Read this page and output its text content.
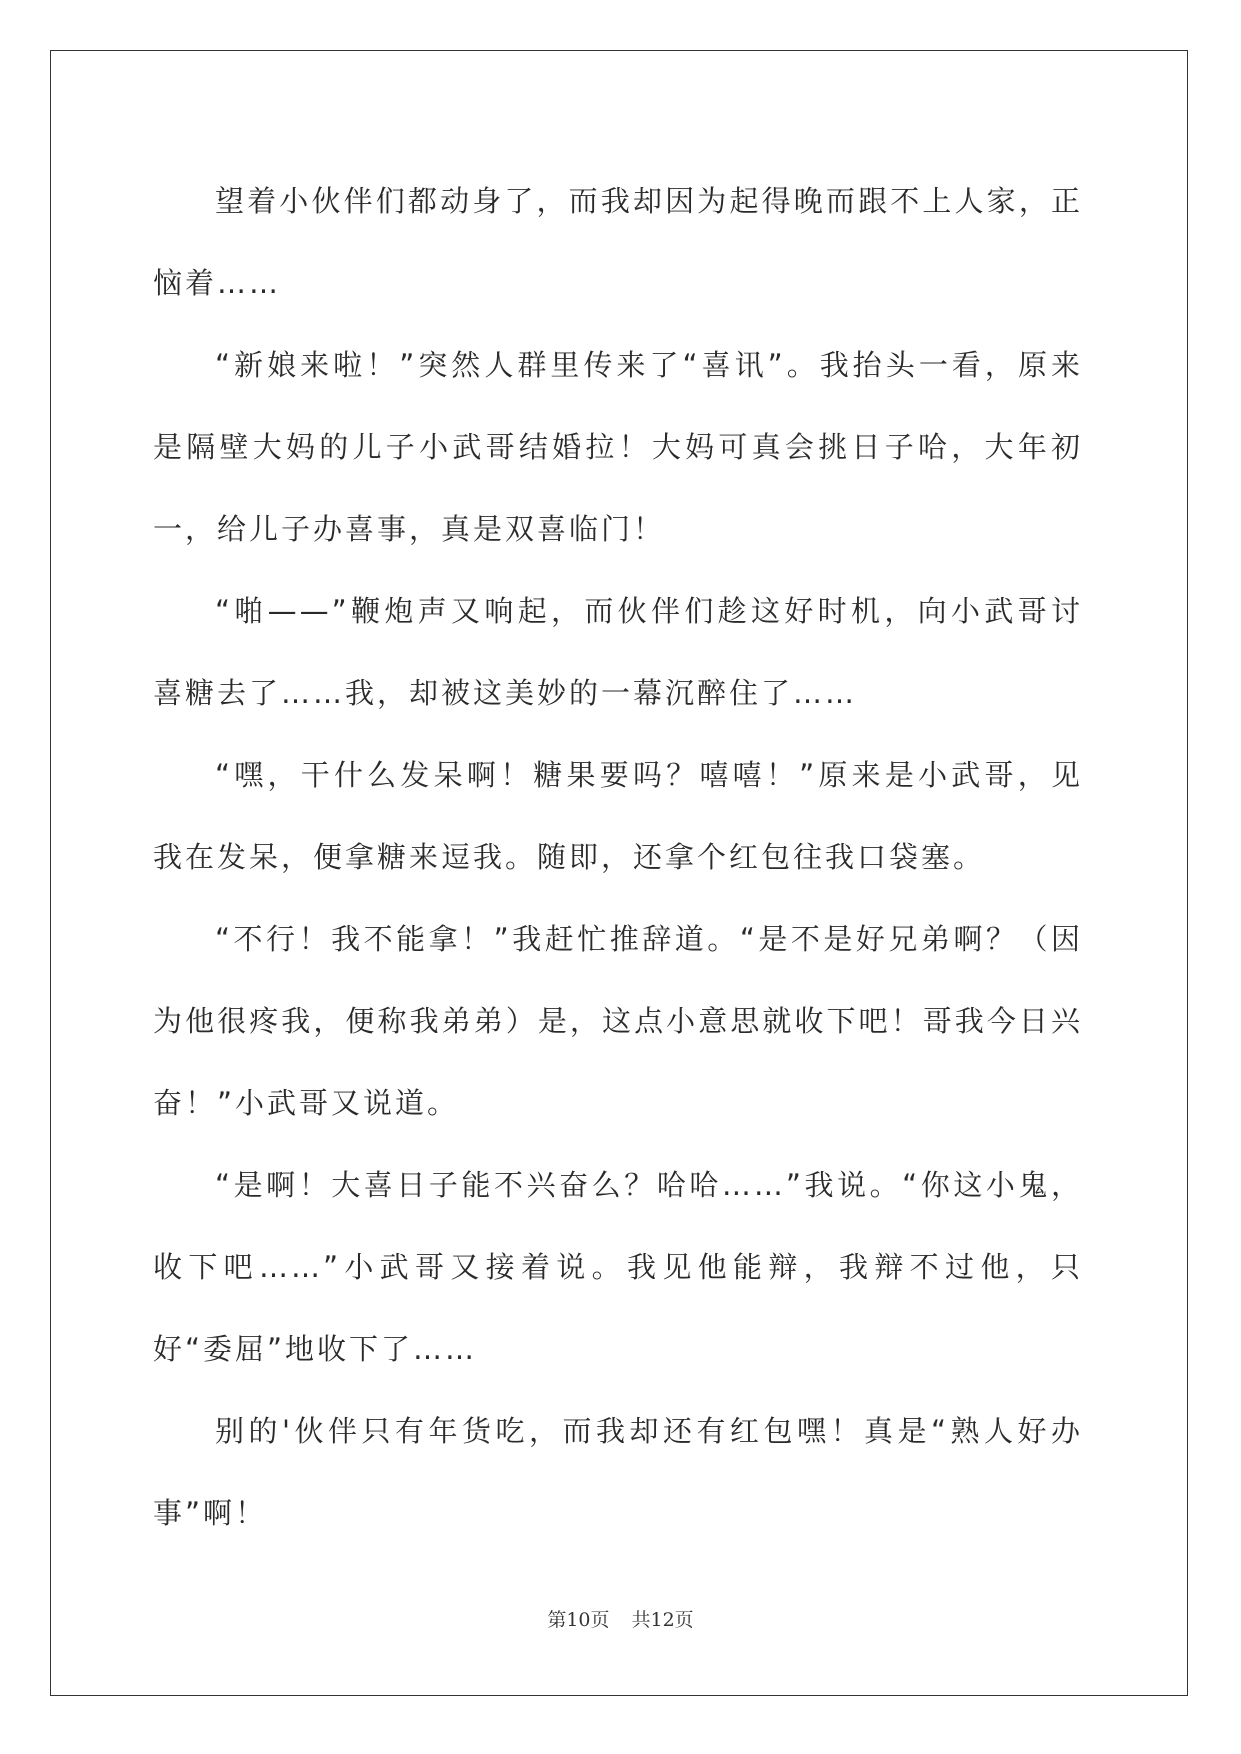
望着小伙伴们都动身了，而我却因为起得晚而跟不上人家，正恼着……

“新娘来啦！”突然人群里传来了“喜讯”。我抬头一看，原来是隔壁大妈的儿子小武哥结婚拉！大妈可真会挑日子哈，大年初一，给儿子办喜事，真是双喜临门！

“啪——”鞭炮声又响起，而伙伴们趁这好时机，向小武哥讨喜糖去了……我，却被这美妙的一幕沉醉住了……

“嘿，干什么发呆啊！糖果要吗？嘻嘻！”原来是小武哥，见我在发呆，便拿糖来逗我。随即，还拿个红包往我口袋塞。

“不行！我不能拿！”我赶忙推辞道。“是不是好兄弟啊？（因为他很疼我，便称我弟弟）是，这点小意思就收下吧！哥我今日兴奋！”小武哥又说道。

“是啊！大喜日子能不兴奋么？哈哈……”我说。“你这小鬼，收下吧……”小武哥又接着说。我见他能辩，我辩不过他，只好“委屈”地收下了……

别的'伙伴只有年货吃，而我却还有红包嘿！真是“熟人好办事”啊！

第10页 共12页
